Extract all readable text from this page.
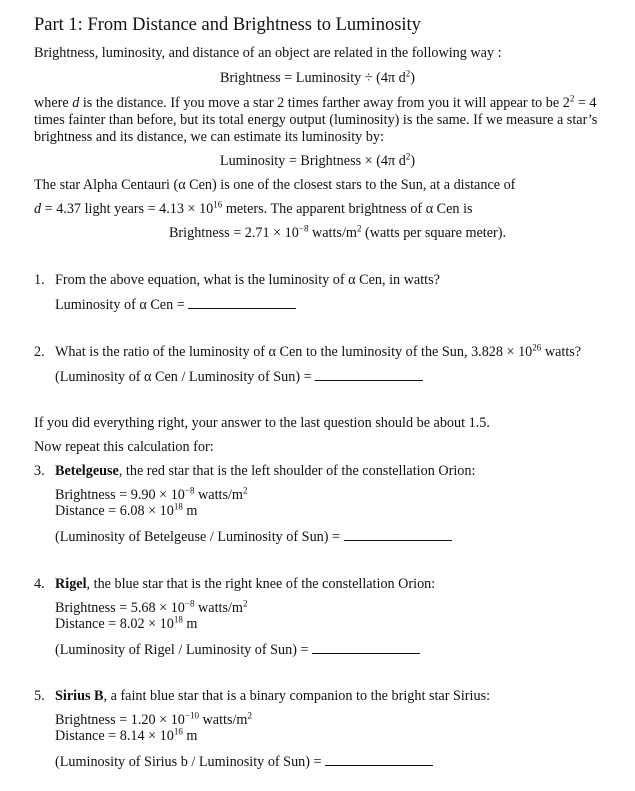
Part 1: From Distance and Brightness to Luminosity
Brightness, luminosity, and distance of an object are related in the following way :
Brightness = Luminosity ÷ (4π $d^2$)
where d is the distance. If you move a star 2 times farther away from you it will appear to be $2^2 = 4$
times fainter than before, but its total energy output (luminosity) is the same. If we measure a star’s
brightness and its distance, we can estimate its luminosity by:
Luminosity = Brightness × (4π $d^2$)
The star Alpha Centauri (α Cen) is one of the closest stars to the Sun, at a distance of
d = 4.37 light years = $4.13 \times 10^{16}$ meters. The apparent brightness of α Cen is
Brightness = $2.71 \times 10^{-8}$ watts/$m^2$ (watts per square meter).
1. From the above equation, what is the luminosity of α Cen, in watts?
Luminosity of α Cen =
2. What is the ratio of the luminosity of α Cen to the luminosity of the Sun, $3.828 \times 10^{26}$ watts?
(Luminosity of α Cen / Luminosity of Sun) =
If you did everything right, your answer to the last question should be about 1.5.
Now repeat this calculation for:
3. Betelgeuse, the red star that is the left shoulder of the constellation Orion:
Brightness = $9.90 \times 10^{-8}$ watts/$m^2$
Distance = $6.08 \times 10^{18}$ m
(Luminosity of Betelgeuse / Luminosity of Sun) =
4. Rigel, the blue star that is the right knee of the constellation Orion:
Brightness = $5.68 \times 10^{-8}$ watts/$m^2$
Distance = $8.02 \times 10^{18}$ m
(Luminosity of Rigel / Luminosity of Sun) =
5. Sirius B, a faint blue star that is a binary companion to the bright star Sirius:
Brightness = $1.20 \times 10^{-10}$ watts/$m^2$
Distance = $8.14 \times 10^{16}$ m
(Luminosity of Sirius b / Luminosity of Sun) =
